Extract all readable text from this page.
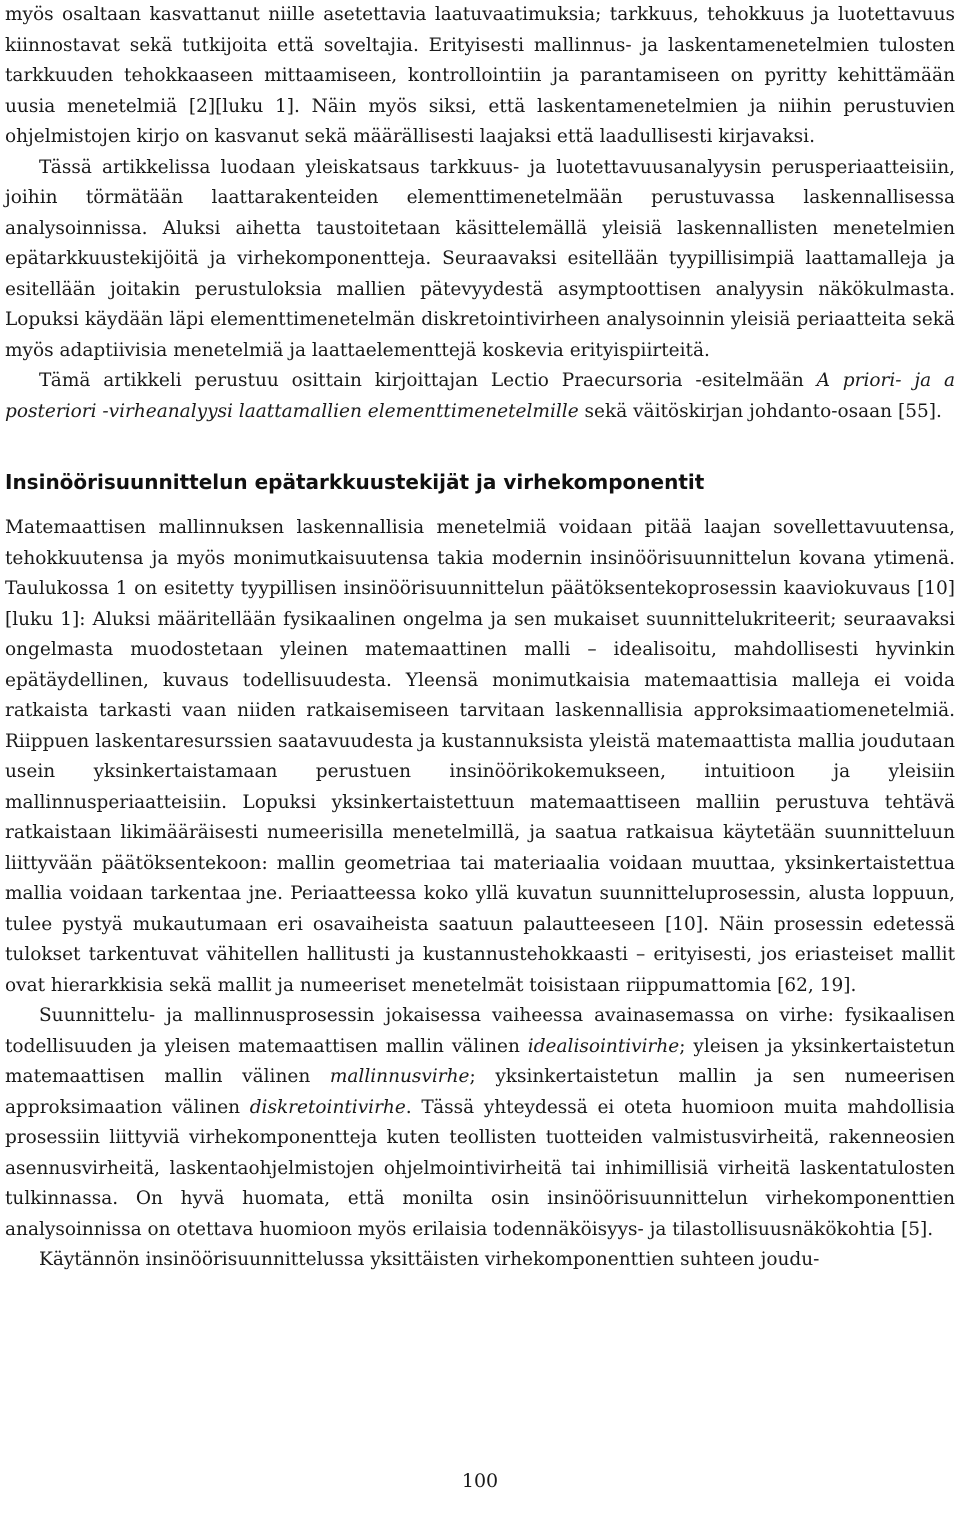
myös osaltaan kasvattanut niille asetettavia laatuvaatimuksia; tarkkuus, tehokkuus ja luotettavuus kiinnostavat sekä tutkijoita että soveltajia. Erityisesti mallinnus- ja laskentamenetelmien tulosten tarkkuuden tehokkaaseen mittaamiseen, kontrollointiin ja parantamiseen on pyritty kehittämään uusia menetelmiä [2][luku 1]. Näin myös siksi, että laskentamenetelmien ja niihin perustuvien ohjelmistojen kirjo on kasvanut sekä määrällisesti laajaksi että laadullisesti kirjavaksi.

Tässä artikkelissa luodaan yleiskatsaus tarkkuus- ja luotettavuusanalyysin perusperiaatteisiin, joihin törmätään laattarakenteiden elementtimenetelmään perustuvassa laskennallisessa analysoinnissa. Aluksi aihetta taustoitetaan käsittelemällä yleisiä laskennallisten menetelmien epätarkkuustekijöitä ja virhekomponentteja. Seuraavaksi esitellään tyypillisimpiä laattamalleja ja esitellään joitakin perustuloksia mallien pätevyydestä asymptoottisen analyysin näkökulmasta. Lopuksi käydään läpi elementtimenetelmän diskretointivirheen analysoinnin yleisiä periaatteita sekä myös adaptiivisia menetelmiä ja laattaelementtejä koskevia erityispiirteitä.

Tämä artikkeli perustuu osittain kirjoittajan Lectio Praecursoria -esitelmään A priori- ja a posteriori -virheanalyysi laattamallien elementtimenetelmille sekä väitöskirjan johdanto-osaan [55].

Insinöörisuunnittelun epätarkkuustekijät ja virhekomponentit

Matemaattisen mallinnuksen laskennallisia menetelmiä voidaan pitää laajan sovellettavuutensa, tehokkuutensa ja myös monimutkaisuutensa takia modernin insinöörisuunnittelun kovana ytimenä. Taulukossa 1 on esitetty tyypillisen insinöörisuunnittelun päätöksentekoprosessin kaaviokuvaus [10][luku 1]: Aluksi määritellään fysikaalinen ongelma ja sen mukaiset suunnittelukriteerit; seuraavaksi ongelmasta muodostetaan yleinen matemaattinen malli – idealisoitu, mahdollisesti hyvinkin epätäydellinen, kuvaus todellisuudesta. Yleensä monimutkaisia matemaattisia malleja ei voida ratkaista tarkasti vaan niiden ratkaisemiseen tarvitaan laskennallisia approksimaatiomenetelmiä. Riippuen laskentaresurssien saatavuudesta ja kustannuksista yleistä matemaattista mallia joudutaan usein yksinkertaistamaan perustuen insinöörikokemukseen, intuitioon ja yleisiin mallinnusperiaatteisiin. Lopuksi yksinkertaistettuun matemaattiseen malliin perustuva tehtävä ratkaistaan likimääräisesti numeerisilla menetelmillä, ja saatua ratkaisua käytetään suunnitteluun liittyvään päätöksentekoon: mallin geometriaa tai materiaalia voidaan muuttaa, yksinkertaistettua mallia voidaan tarkentaa jne. Periaatteessa koko yllä kuvatun suunnitteluprosessin, alusta loppuun, tulee pystyä mukautumaan eri osavaiheista saatuun palautteeseen [10]. Näin prosessin edetessä tulokset tarkentuvat vähitellen hallitusti ja kustannustehokkaasti – erityisesti, jos eriasteiset mallit ovat hierarkkisia sekä mallit ja numeeriset menetelmät toisistaan riippumattomia [62, 19].

Suunnittelu- ja mallinnusprosessin jokaisessa vaiheessa avainasemassa on virhe: fysikaalisen todellisuuden ja yleisen matemaattisen mallin välinen idealisointivirhe; yleisen ja yksinkertaistetun matemaattisen mallin välinen mallinnusvirhe; yksinkertaistetun mallin ja sen numeerisen approksimaation välinen diskretointivirhe. Tässä yhteydessä ei oteta huomioon muita mahdollisia prosessiin liittyviä virhekomponentteja kuten teollisten tuotteiden valmistusvirheitä, rakenneosien asennusvirheitä, laskentaohjelmistojen ohjelmointivirheitä tai inhimillisiä virheitä laskentatulosten tulkinnassa. On hyvä huomata, että monilta osin insinöörisuunnittelun virhekomponenttien analysoinnissa on otettava huomioon myös erilaisia todennäköisyys- ja tilastollisuusnäkökohtia [5].

Käytännön insinöörisuunnittelussa yksittäisten virhekomponenttien suhteen joudu-

100
